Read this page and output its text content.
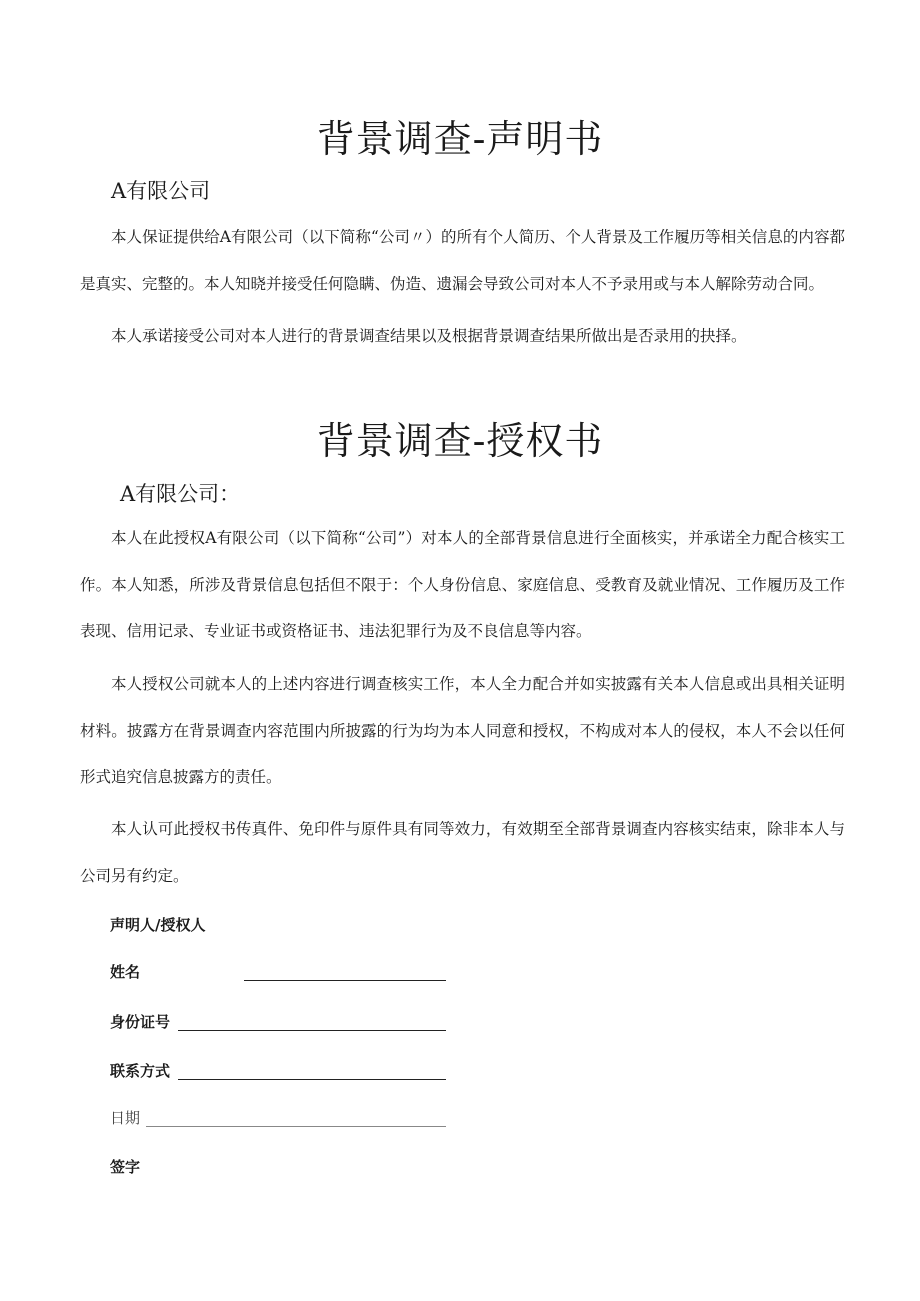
背景调查-声明书

A有限公司

本人保证提供给A有限公司（以下简称“公司〃）的所有个人简历、个人背景及工作履历等相关信息的内容都是真实、完整的。本人知晓并接受任何隐瞒、伪造、遗漏会导致公司对本人不予录用或与本人解除劳动合同。

本人承诺接受公司对本人进行的背景调查结果以及根据背景调查结果所做出是否录用的抉择。

背景调查-授权书

A有限公司：

本人在此授权A有限公司（以下简称“公司”）对本人的全部背景信息进行全面核实，并承诺全力配合核实工作。本人知悉，所涉及背景信息包括但不限于：个人身份信息、家庭信息、受教育及就业情况、工作履历及工作表现、信用记录、专业证书或资格证书、违法犯罪行为及不良信息等内容。

本人授权公司就本人的上述内容进行调查核实工作，本人全力配合并如实披露有关本人信息或出具相关证明材料。披露方在背景调查内容范围内所披露的行为均为本人同意和授权，不构成对本人的侵权，本人不会以任何形式追究信息披露方的责任。

本人认可此授权书传真件、免印件与原件具有同等效力，有效期至全部背景调查内容核实结束，除非本人与公司另有约定。

声明人/授权人

姓名
身份证号
联系方式
日期
签字
